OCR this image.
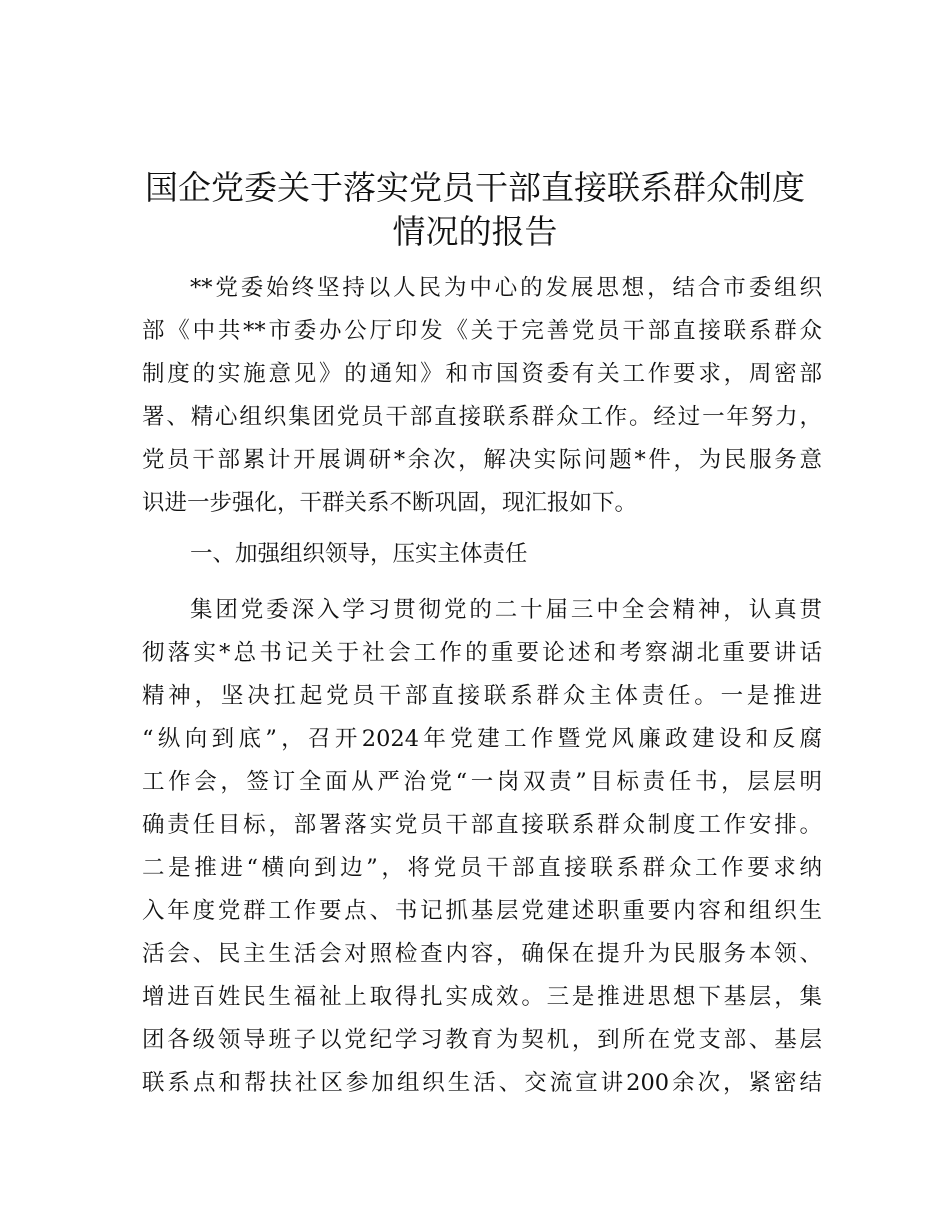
国企党委关于落实党员干部直接联系群众制度
情况的报告

**党委始终坚持以人民为中心的发展思想，结合市委组织

部《中共**市委办公厅印发《关于完善党员干部直接联系群众

制度的实施意见》的通知》和市国资委有关工作要求，周密部

署、精心组织集团党员干部直接联系群众工作。经过一年努力，

党员干部累计开展调研*余次，解决实际问题*件，为民服务意

识进一步强化，干群关系不断巩固，现汇报如下。

一、加强组织领导，压实主体责任

集团党委深入学习贯彻党的二十届三中全会精神，认真贯

彻落实*总书记关于社会工作的重要论述和考察湖北重要讲话

精神，坚决扛起党员干部直接联系群众主体责任。一是推进

“纵向到底”，召开2024年党建工作暨党风廉政建设和反腐

工作会，签订全面从严治党“一岗双责”目标责任书，层层明

确责任目标，部署落实党员干部直接联系群众制度工作安排。

二是推进“横向到边”，将党员干部直接联系群众工作要求纳

入年度党群工作要点、书记抓基层党建述职重要内容和组织生

活会、民主生活会对照检查内容，确保在提升为民服务本领、

增进百姓民生福祉上取得扎实成效。三是推进思想下基层，集

团各级领导班子以党纪学习教育为契机，到所在党支部、基层

联系点和帮扶社区参加组织生活、交流宣讲200余次，紧密结
